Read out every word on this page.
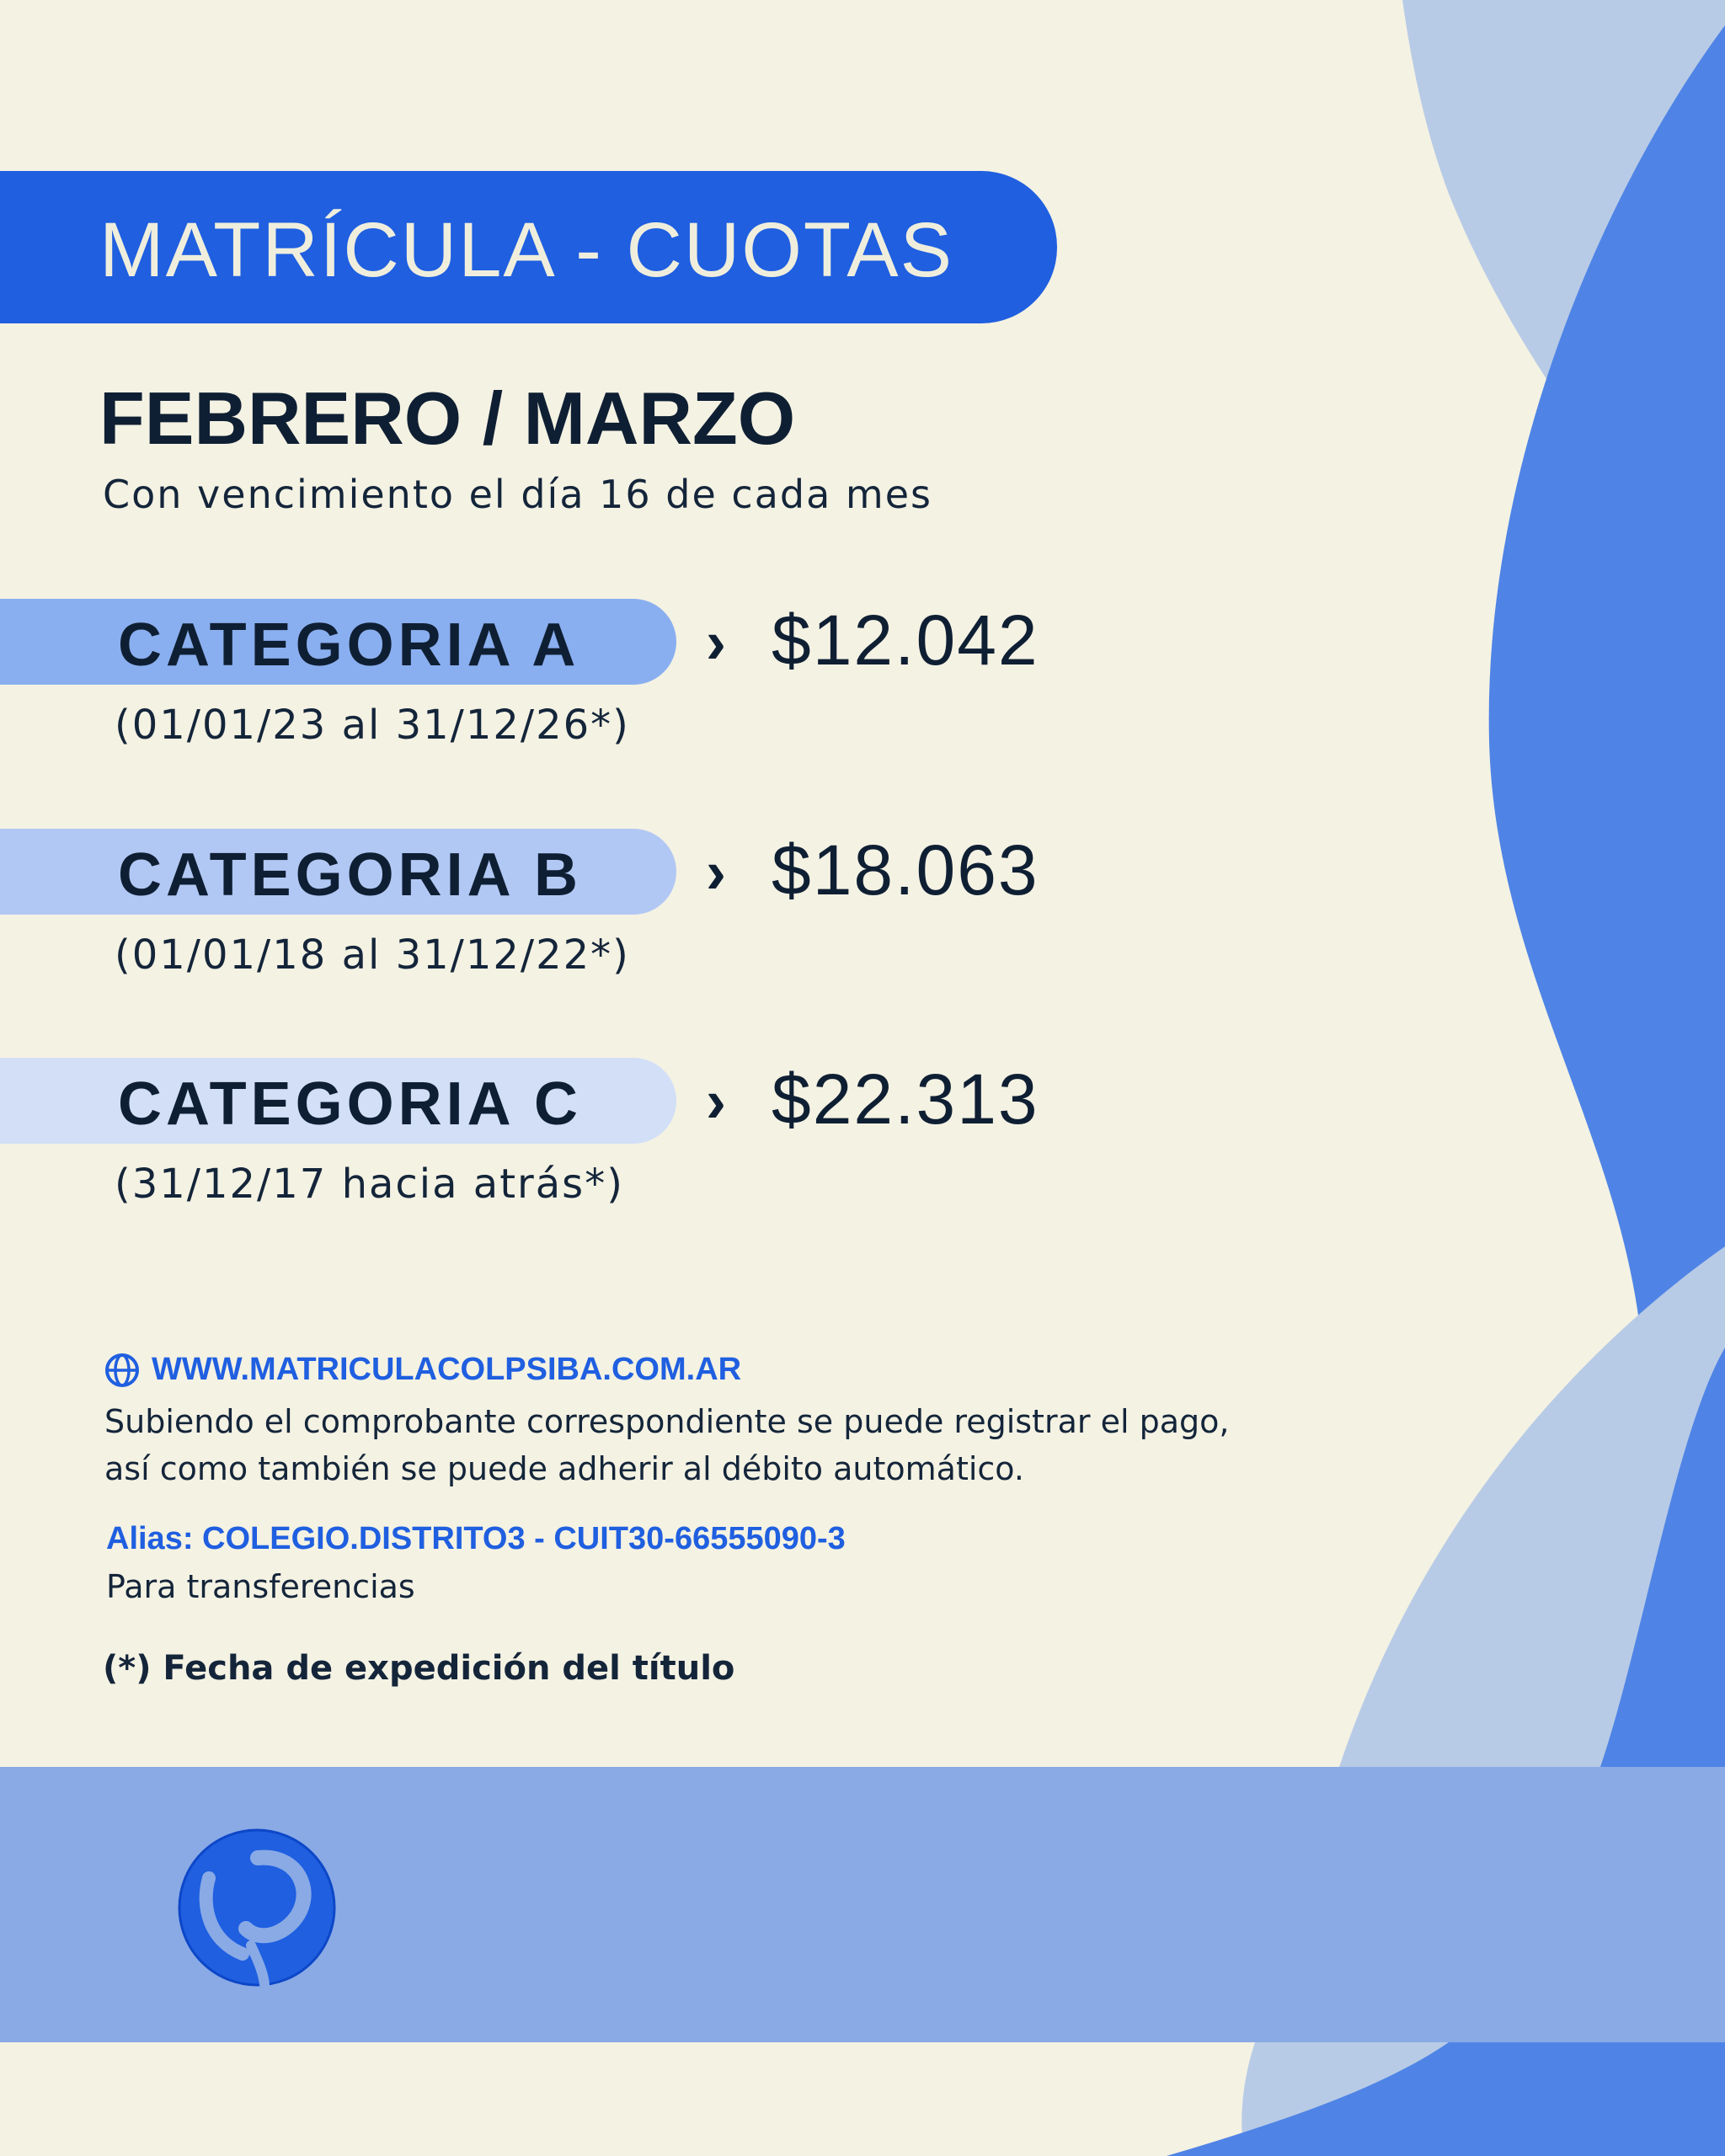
MATRÍCULA - CUOTAS
FEBRERO / MARZO
Con vencimiento el día 16 de cada mes
CATEGORIA A › $12.042
(01/01/23 al 31/12/26*)
CATEGORIA B › $18.063
(01/01/18 al 31/12/22*)
CATEGORIA C › $22.313
(31/12/17 hacia atrás*)
WWW.MATRICULACOLPSIBA.COM.AR
Subiendo el comprobante correspondiente se puede registrar el pago,
así como también se puede adherir al débito automático.
Alias: COLEGIO.DISTRITO3 - CUIT30-66555090-3
Para transferencias
(*) Fecha de expedición del título
